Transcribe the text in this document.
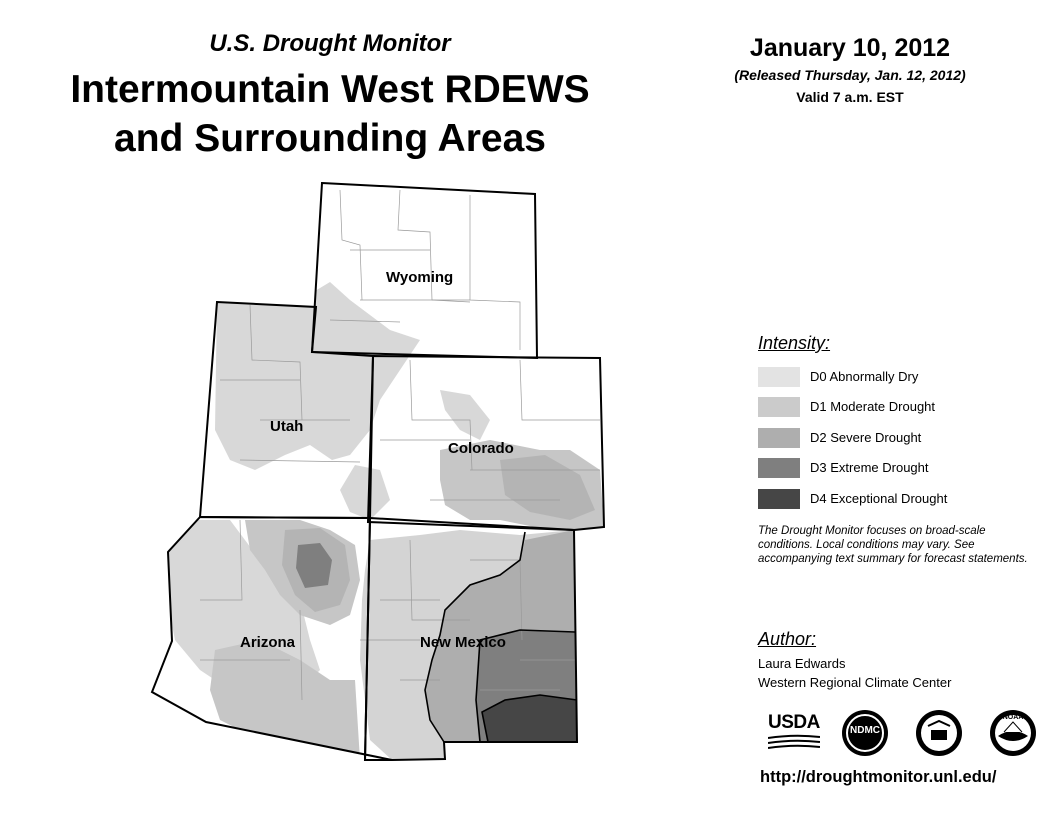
U.S. Drought Monitor
Intermountain West RDEWS
and Surrounding Areas
January 10, 2012
(Released Thursday, Jan. 12, 2012)
Valid 7 a.m. EST
Wyoming
Utah
Colorado
Arizona	New Mexico
Intensity:
D0 Abnormally Dry
D1 Moderate Drought
D2 Severe Drought
D3 Extreme Drought
D4 Exceptional Drought
The Drought Monitor focuses on broad-scale conditions. Local conditions may vary. See accompanying text summary for forecast statements.
Author:
Laura Edwards
Western Regional Climate Center
USDA	NDMC
NOAA
http://droughtmonitor.unl.edu/
